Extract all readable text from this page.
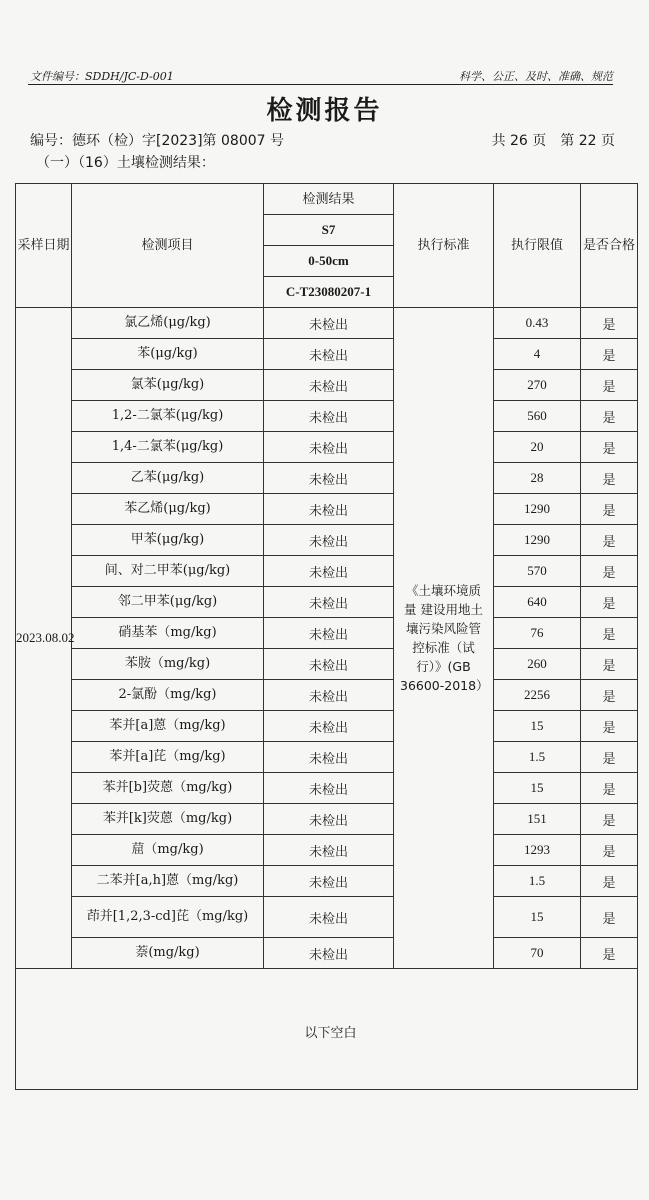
文件编号：SDDH/JC-D-001	科学、公正、及时、准确、规范
检测报告
编号：德环（检）字[2023]第 08007 号	共 26 页　第 22 页
（一）（16）土壤检测结果：
采样日期	检测项目	检测结果	执行标准	执行限值	是否合格
		S7			
		0-50cm			
		C-T23080207-1			
2023.08.02	氯乙烯(μg/kg)	未检出	《土壤环境质量 建设用地土壤污染风险管控标准（试行）》(GB 36600-2018）	0.43	是
	苯(μg/kg)	未检出		4	是
	氯苯(μg/kg)	未检出		270	是
	1,2-二氯苯(μg/kg)	未检出		560	是
	1,4-二氯苯(μg/kg)	未检出		20	是
	乙苯(μg/kg)	未检出		28	是
	苯乙烯(μg/kg)	未检出		1290	是
	甲苯(μg/kg)	未检出		1290	是
	间、对二甲苯(μg/kg)	未检出		570	是
	邻二甲苯(μg/kg)	未检出		640	是
	硝基苯（mg/kg)	未检出		76	是
	苯胺（mg/kg)	未检出		260	是
	2-氯酚（mg/kg)	未检出		2256	是
	苯并[a]蒽（mg/kg)	未检出		15	是
	苯并[a]芘（mg/kg)	未检出		1.5	是
	苯并[b]荧蒽（mg/kg)	未检出		15	是
	苯并[k]荧蒽（mg/kg)	未检出		151	是
	䓛（mg/kg)	未检出		1293	是
	二苯并[a,h]蒽（mg/kg)	未检出		1.5	是
	茚并[1,2,3-cd]芘（mg/kg)	未检出		15	是
	萘(mg/kg)	未检出		70	是
以下空白					
